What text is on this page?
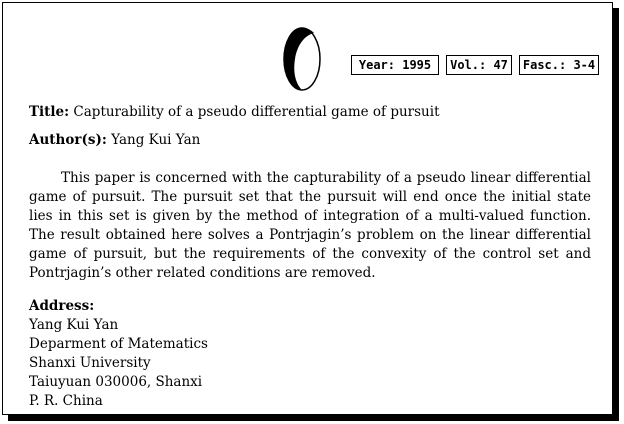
Year: 1995	Vol.: 47	Fasc.: 3-4
Title: Capturability of a pseudo differential game of pursuit
Author(s): Yang Kui Yan

This paper is concerned with the capturability of a pseudo linear differential game of pursuit. The pursuit set that the pursuit will end once the initial state lies in this set is given by the method of integration of a multi-valued function. The result obtained here solves a Pontrjagin’s problem on the linear differential game of pursuit, but the requirements of the convexity of the control set and Pontrjagin’s other related conditions are removed.

Address:
Yang Kui Yan
Deparment of Matematics
Shanxi University
Taiuyuan 030006, Shanxi
P. R. China
